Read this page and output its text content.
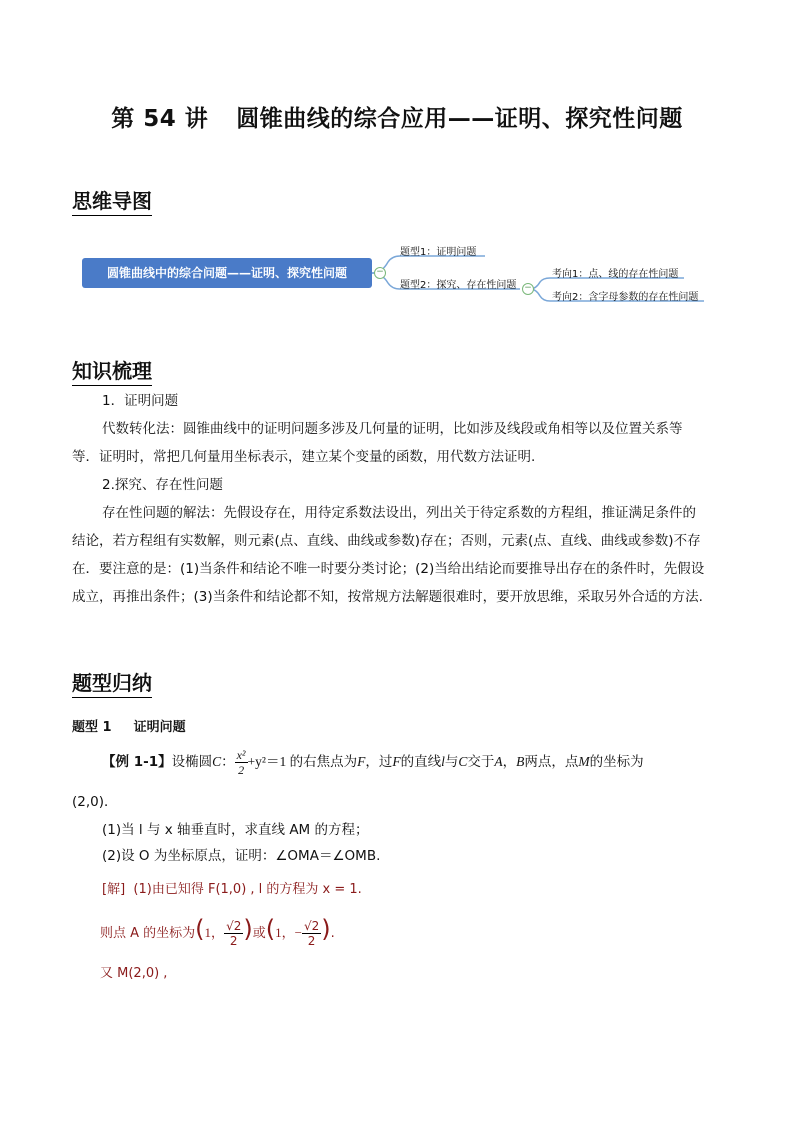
第 54 讲 圆锥曲线的综合应用——证明、探究性问题
思维导图
圆锥曲线中的综合问题——证明、探究性问题	−
−
题型1：证明问题
题型2：探究、存在性问题
考向1：点、线的存在性问题
考向2：含字母参数的存在性问题
知识梳理
1．证明问题
代数转化法：圆锥曲线中的证明问题多涉及几何量的证明，比如涉及线段或角相等以及位置关系等
等．证明时，常把几何量用坐标表示，建立某个变量的函数，用代数方法证明.
2.探究、存在性问题
存在性问题的解法：先假设存在，用待定系数法设出，列出关于待定系数的方程组，推证满足条件的
结论，若方程组有实数解，则元素(点、直线、曲线或参数)存在；否则，元素(点、直线、曲线或参数)不存
在．要注意的是：(1)当条件和结论不唯一时要分类讨论；(2)当给出结论而要推导出存在的条件时，先假设
成立，再推出条件；(3)当条件和结论都不知，按常规方法解题很难时，要开放思维，采取另外合适的方法.
题型归纳
题型 1 证明问题
【例 1-1】设椭圆C： $\frac{\text{x²}}{2} +y^2=1$ 的右焦点为F，过F的直线l与C交于A，B两点，点M的坐标为
(2,0)．
(1)当 l 与 x 轴垂直时，求直线 AM 的方程；
(2)设 O 为坐标原点，证明：∠OMA＝∠OMB.
[解] (1)由已知得 F(1,0) , l 的方程为 x = 1.
则点 A 的坐标为(1， $\frac{√2}{2}$ )或(1，− $\frac{√2}{2}$ ).
又 M(2,0) ,
